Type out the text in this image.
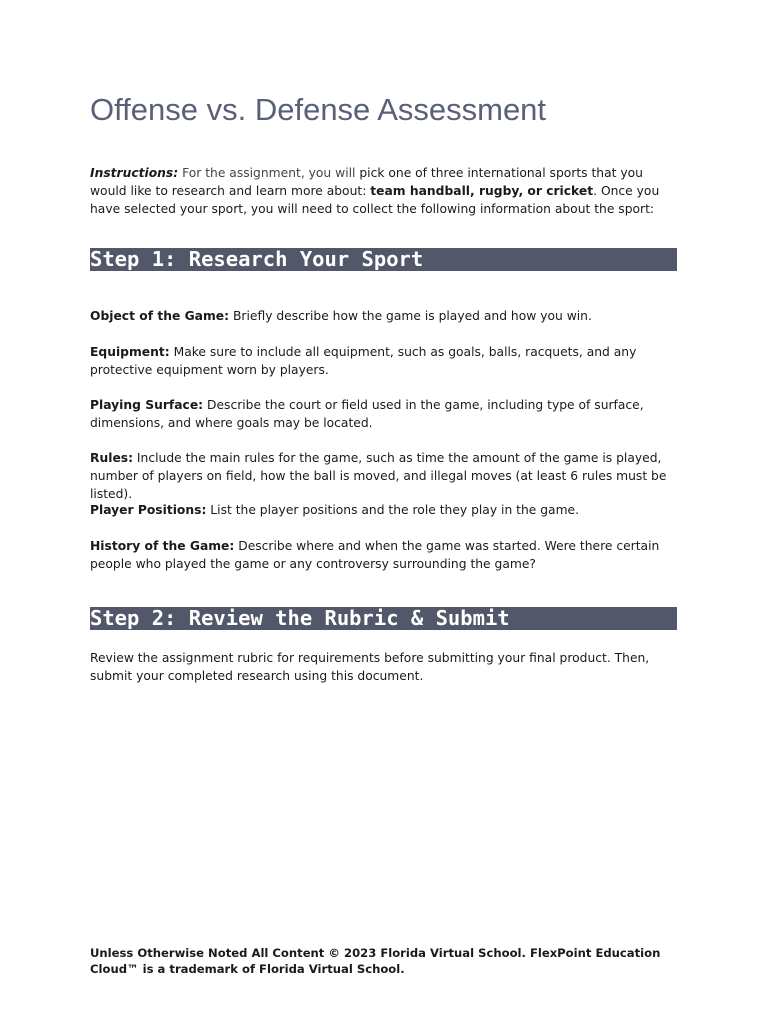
Offense vs. Defense Assessment

Instructions: For the assignment, you will pick one of three international sports that you would like to research and learn more about: team handball, rugby, or cricket. Once you have selected your sport, you will need to collect the following information about the sport:

Step 1: Research Your Sport

Object of the Game: Briefly describe how the game is played and how you win.

Equipment: Make sure to include all equipment, such as goals, balls, racquets, and any protective equipment worn by players.

Playing Surface: Describe the court or field used in the game, including type of surface, dimensions, and where goals may be located.

Rules: Include the main rules for the game, such as time the amount of the game is played, number of players on field, how the ball is moved, and illegal moves (at least 6 rules must be listed).

Player Positions: List the player positions and the role they play in the game.

History of the Game: Describe where and when the game was started. Were there certain people who played the game or any controversy surrounding the game?

Step 2: Review the Rubric & Submit

Review the assignment rubric for requirements before submitting your final product. Then, submit your completed research using this document.

Unless Otherwise Noted All Content © 2023 Florida Virtual School. FlexPoint Education Cloud™ is a trademark of Florida Virtual School.
